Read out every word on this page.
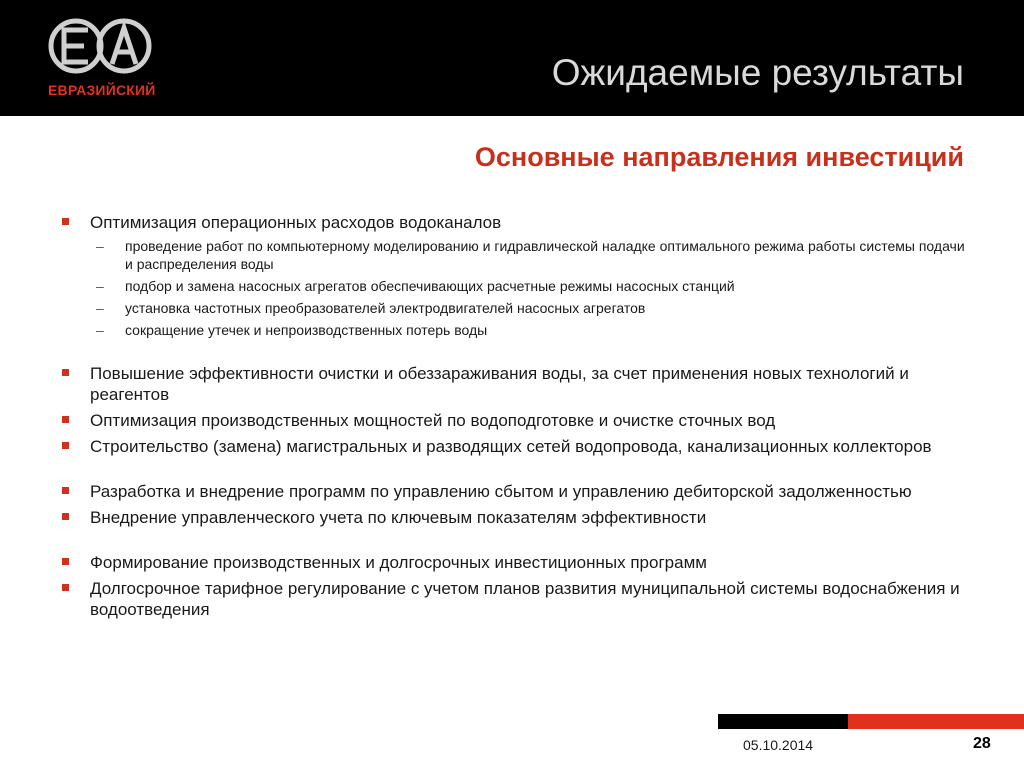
ЕВРАЗИЙСКИЙ	Ожидаемые результаты
Основные направления инвестиций
Оптимизация операционных расходов водоканалов
– проведение работ по компьютерному моделированию и гидравлической наладке оптимального режима работы системы подачи и распределения воды
– подбор и замена насосных агрегатов обеспечивающих расчетные режимы насосных станций
– установка частотных преобразователей электродвигателей насосных агрегатов
– сокращение утечек и непроизводственных потерь воды
Повышение эффективности очистки и обеззараживания воды, за счет применения новых технологий и реагентов
Оптимизация производственных мощностей по водоподготовке и очистке сточных вод
Строительство (замена) магистральных и разводящих сетей водопровода, канализационных коллекторов
Разработка и внедрение программ по управлению сбытом и управлению дебиторской задолженностью
Внедрение управленческого учета по ключевым показателям эффективности
Формирование производственных и долгосрочных инвестиционных программ
Долгосрочное тарифное регулирование с учетом планов развития муниципальной системы водоснабжения и водоотведения
05.10.2014	28
